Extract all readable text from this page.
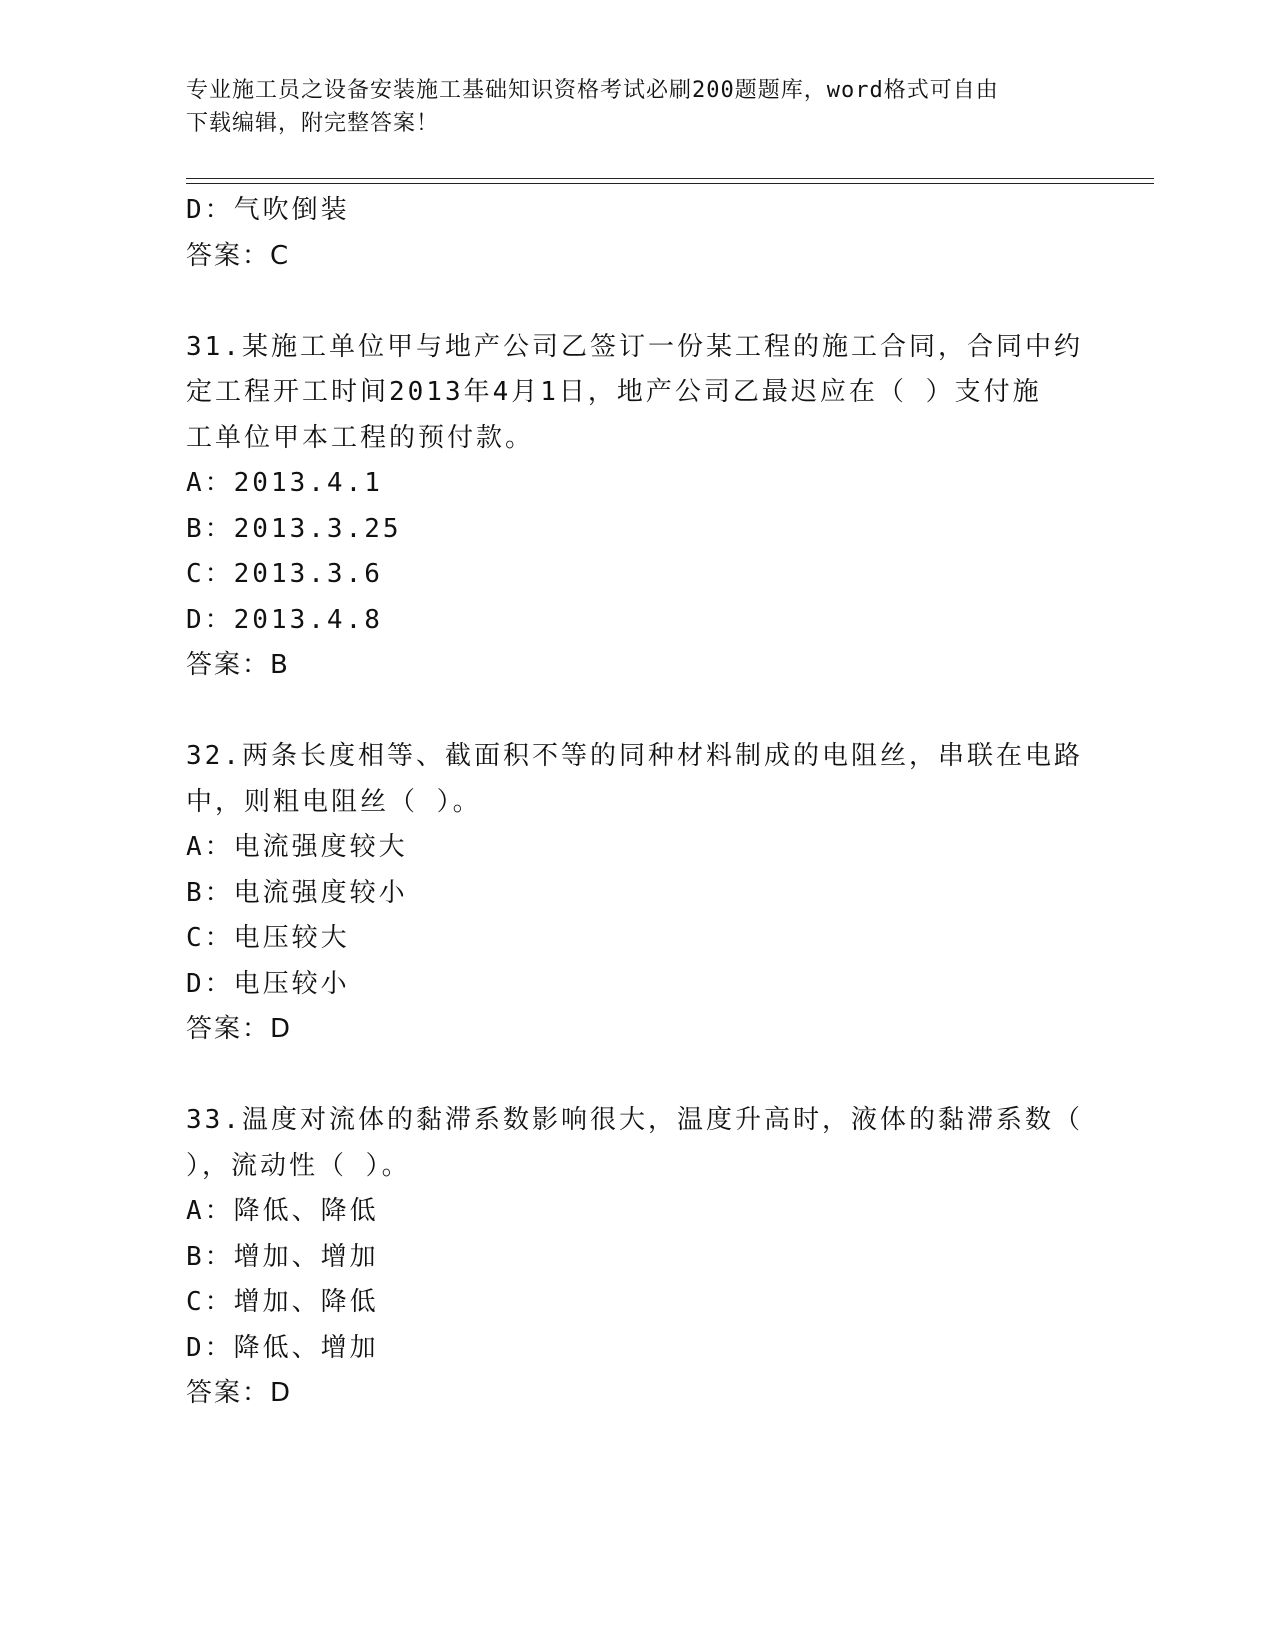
专业施工员之设备安装施工基础知识资格考试必刷200题题库，word格式可自由
下载编辑，附完整答案！
D：气吹倒装
答案：C
31.某施工单位甲与地产公司乙签订一份某工程的施工合同，合同中约
定工程开工时间2013年4月1日，地产公司乙最迟应在（ ）支付施
工单位甲本工程的预付款。
A：2013.4.1
B：2013.3.25
C：2013.3.6
D：2013.4.8
答案：B
32.两条长度相等、截面积不等的同种材料制成的电阻丝，串联在电路
中，则粗电阻丝（ ）。
A：电流强度较大
B：电流强度较小
C：电压较大
D：电压较小
答案：D
33.温度对流体的黏滞系数影响很大，温度升高时，液体的黏滞系数（
），流动性（ ）。
A：降低、降低
B：增加、增加
C：增加、降低
D：降低、增加
答案：D
